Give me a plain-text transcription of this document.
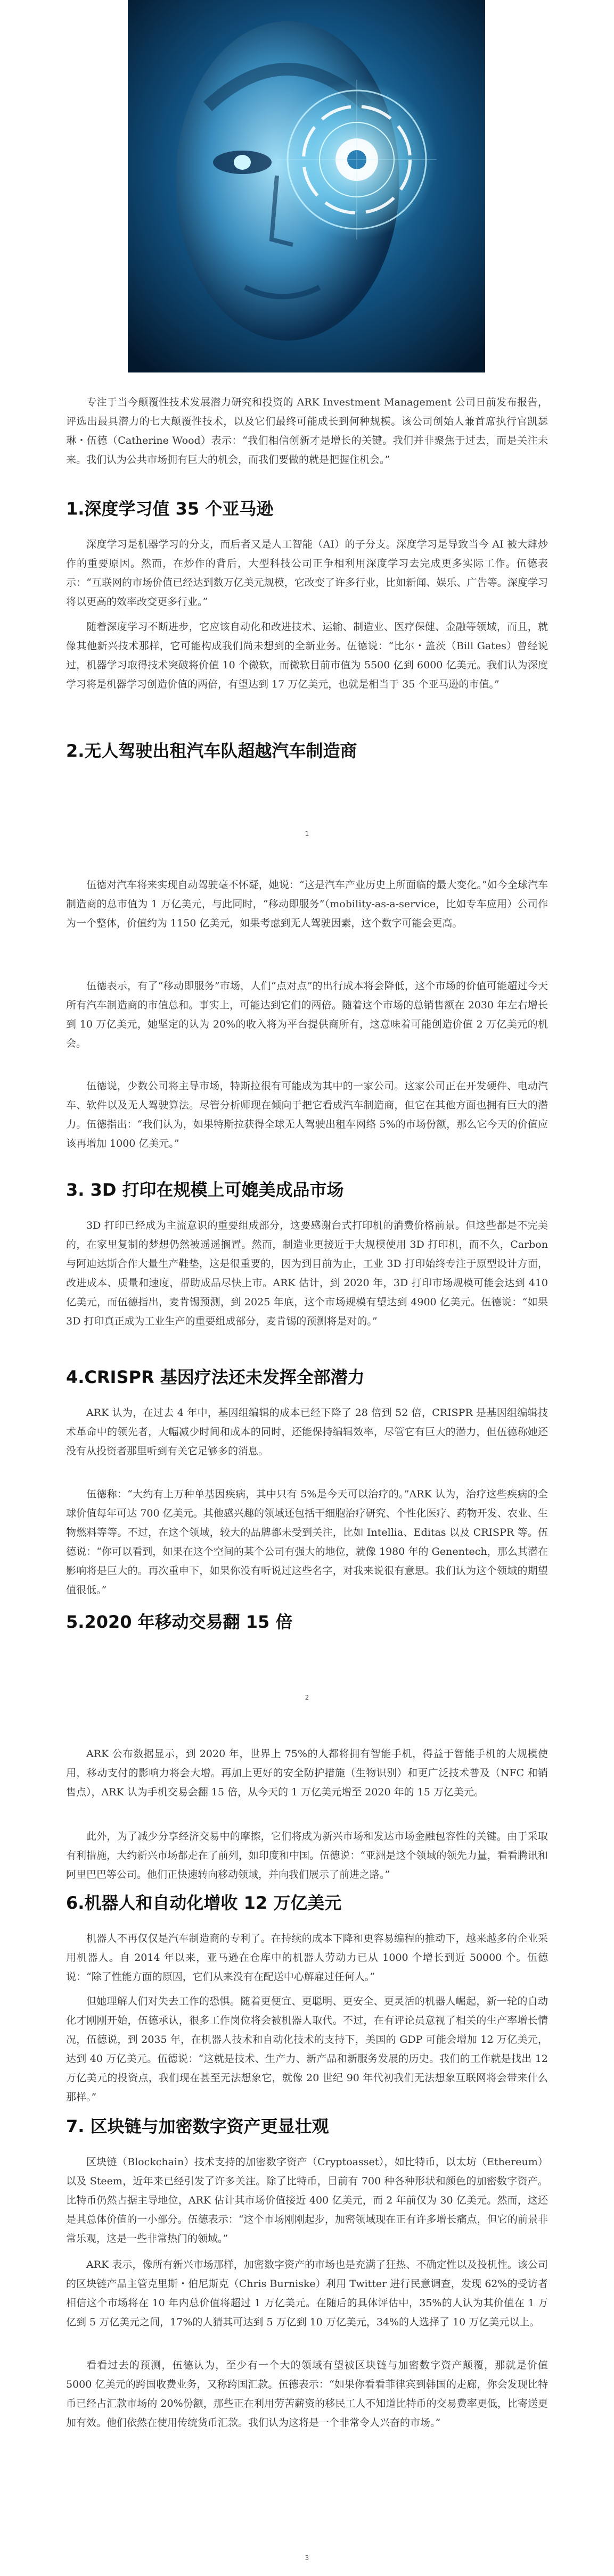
专注于当今颠覆性技术发展潜力研究和投资的 ARK Investment Management 公司日前发布报告，评选出最具潜力的七大颠覆性技术，以及它们最终可能成长到何种规模。该公司创始人兼首席执行官凯瑟琳・伍德（Catherine Wood）表示：“我们相信创新才是增长的关键。我们并非聚焦于过去，而是关注未来。我们认为公共市场拥有巨大的机会，而我们要做的就是把握住机会。”

1.深度学习值 35 个亚马逊

深度学习是机器学习的分支，而后者又是人工智能（AI）的子分支。深度学习是导致当今 AI 被大肆炒作的重要原因。然而，在炒作的背后，大型科技公司正争相利用深度学习去完成更多实际工作。伍德表示：“互联网的市场价值已经达到数万亿美元规模，它改变了许多行业，比如新闻、娱乐、广告等。深度学习将以更高的效率改变更多行业。”

随着深度学习不断进步，它应该自动化和改进技术、运输、制造业、医疗保健、金融等领域，而且，就像其他新兴技术那样，它可能构成我们尚未想到的全新业务。伍德说：“比尔・盖茨（Bill Gates）曾经说过，机器学习取得技术突破将价值 10 个微软，而微软目前市值为 5500 亿到 6000 亿美元。我们认为深度学习将是机器学习创造价值的两倍，有望达到 17 万亿美元，也就是相当于 35 个亚马逊的市值。”

2.无人驾驶出租汽车队超越汽车制造商
1

伍德对汽车将来实现自动驾驶毫不怀疑，她说：“这是汽车产业历史上所面临的最大变化。”如今全球汽车制造商的总市值为 1 万亿美元，与此同时，“移动即服务”（mobility-as-a-service，比如专车应用）公司作为一个整体，价值约为 1150 亿美元，如果考虑到无人驾驶因素，这个数字可能会更高。

伍德表示，有了“移动即服务”市场，人们“点对点”的出行成本将会降低，这个市场的价值可能超过今天所有汽车制造商的市值总和。事实上，可能达到它们的两倍。随着这个市场的总销售额在 2030 年左右增长到 10 万亿美元，她坚定的认为 20%的收入将为平台提供商所有，这意味着可能创造价值 2 万亿美元的机会。

伍德说，少数公司将主导市场，特斯拉很有可能成为其中的一家公司。这家公司正在开发硬件、电动汽车、软件以及无人驾驶算法。尽管分析师现在倾向于把它看成汽车制造商，但它在其他方面也拥有巨大的潜力。伍德指出：“我们认为，如果特斯拉获得全球无人驾驶出租车网络 5%的市场份额，那么它今天的价值应该再增加 1000 亿美元。”

3. 3D 打印在规模上可媲美成品市场

3D 打印已经成为主流意识的重要组成部分，这要感谢台式打印机的消费价格前景。但这些都是不完美的，在家里复制的梦想仍然被遥遥搁置。然而，制造业更接近于大规模使用 3D 打印机，而不久，Carbon 与阿迪达斯合作大量生产鞋垫，这是很重要的，因为到目前为止，工业 3D 打印始终专注于原型设计方面，改进成本、质量和速度，帮助成品尽快上市。ARK 估计，到 2020 年，3D 打印市场规模可能会达到 410 亿美元，而伍德指出，麦肯锡预测，到 2025 年底，这个市场规模有望达到 4900 亿美元。伍德说：“如果 3D 打印真正成为工业生产的重要组成部分，麦肯锡的预测将是对的。”

4.CRISPR 基因疗法还未发挥全部潜力

ARK 认为，在过去 4 年中，基因组编辑的成本已经下降了 28 倍到 52 倍，CRISPR 是基因组编辑技术革命中的领先者，大幅减少时间和成本的同时，还能保持编辑效率，尽管它有巨大的潜力，但伍德称她还没有从投资者那里听到有关它足够多的消息。

伍德称：“大约有上万种单基因疾病，其中只有 5%是今天可以治疗的。”ARK 认为，治疗这些疾病的全球价值每年可达 700 亿美元。其他感兴趣的领域还包括干细胞治疗研究、个性化医疗、药物开发、农业、生物燃料等等。不过，在这个领域，较大的品牌都未受到关注，比如 Intellia、Editas 以及 CRISPR 等。伍德说：“你可以看到，如果在这个空间的某个公司有强大的地位，就像 1980 年的 Genentech，那么其潜在影响将是巨大的。再次重申下，如果你没有听说过这些名字，对我来说很有意思。我们认为这个领域的期望值很低。”

5.2020 年移动交易翻 15 倍
2

ARK 公布数据显示，到 2020 年，世界上 75%的人都将拥有智能手机，得益于智能手机的大规模使用，移动支付的影响力将会大增。再加上更好的安全防护措施（生物识别）和更广泛技术普及（NFC 和销售点），ARK 认为手机交易会翻 15 倍，从今天的 1 万亿美元增至 2020 年的 15 万亿美元。

此外，为了减少分享经济交易中的摩擦，它们将成为新兴市场和发达市场金融包容性的关键。由于采取有利措施，大约新兴市场都走在了前列，如印度和中国。伍德说：“亚洲是这个领域的领先力量，看看腾讯和阿里巴巴等公司。他们正快速转向移动领域，并向我们展示了前进之路。”

6.机器人和自动化增收 12 万亿美元

机器人不再仅仅是汽车制造商的专利了。在持续的成本下降和更容易编程的推动下，越来越多的企业采用机器人。自 2014 年以来，亚马逊在仓库中的机器人劳动力已从 1000 个增长到近 50000 个。伍德说：“除了性能方面的原因，它们从来没有在配送中心解雇过任何人。”

但她理解人们对失去工作的恐惧。随着更便宜、更聪明、更安全、更灵活的机器人崛起，新一轮的自动化才刚刚开始，伍德承认，很多工作岗位将会被机器人取代。不过，在有评论员意视了相关的生产率增长情况，伍德说，到 2035 年，在机器人技术和自动化技术的支持下，美国的 GDP 可能会增加 12 万亿美元，达到 40 万亿美元。伍德说：“这就是技术、生产力、新产品和新服务发展的历史。我们的工作就是找出 12 万亿美元的投资点，我们现在甚至无法想象它，就像 20 世纪 90 年代初我们无法想象互联网将会带来什么那样。”

7. 区块链与加密数字资产更显壮观

区块链（Blockchain）技术支持的加密数字资产（Cryptoasset），如比特币，以太坊（Ethereum）以及 Steem，近年来已经引发了许多关注。除了比特币，目前有 700 种各种形状和颜色的加密数字资产。比特币仍然占据主导地位，ARK 估计其市场价值接近 400 亿美元，而 2 年前仅为 30 亿美元。然而，这还是其总体价值的一小部分。伍德表示：“这个市场刚刚起步，加密领域现在正有许多增长痛点，但它的前景非常乐观，这是一些非常热门的领域。”

ARK 表示，像所有新兴市场那样，加密数字资产的市场也是充满了狂热、不确定性以及投机性。该公司的区块链产品主管克里斯・伯尼斯克（Chris Burniske）利用 Twitter 进行民意调查，发现 62%的受访者相信这个市场将在 10 年内总价值将超过 1 万亿美元。在随后的具体评估中，35%的人认为其价值在 1 万亿到 5 万亿美元之间，17%的人猜其可达到 5 万亿到 10 万亿美元，34%的人选择了 10 万亿美元以上。

看看过去的预测，伍德认为，至少有一个大的领域有望被区块链与加密数字资产颠覆，那就是价值 5000 亿美元的跨国收费业务，又称跨国汇款。伍德表示：“如果你看看菲律宾到韩国的走廊，你会发现比特币已经占汇款市场的 20%份额，那些正在利用劳苦薪资的移民工人不知道比特币的交易费率更低，比寄送更加有效。他们依然在使用传统货币汇款。我们认为这将是一个非常令人兴奋的市场。”

3
